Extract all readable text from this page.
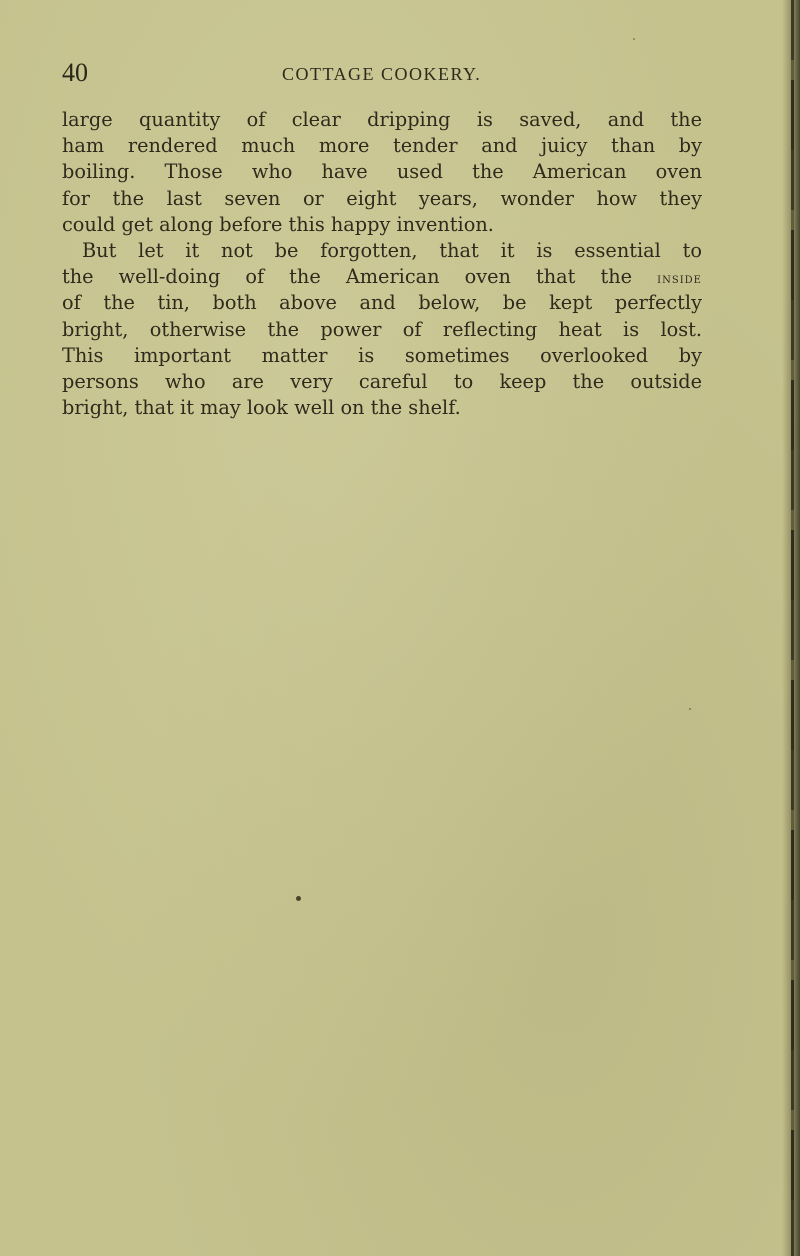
40	COTTAGE COOKERY.
large quantity of clear dripping is saved, and the
ham rendered much more tender and juicy than by
boiling. Those who have used the American oven
for the last seven or eight years, wonder how they
could get along before this happy invention.
But let it not be forgotten, that it is essential to
the well-doing of the American oven that the inside
of the tin, both above and below, be kept perfectly
bright, otherwise the power of reflecting heat is lost.
This important matter is sometimes overlooked by
persons who are very careful to keep the outside
bright, that it may look well on the shelf.
